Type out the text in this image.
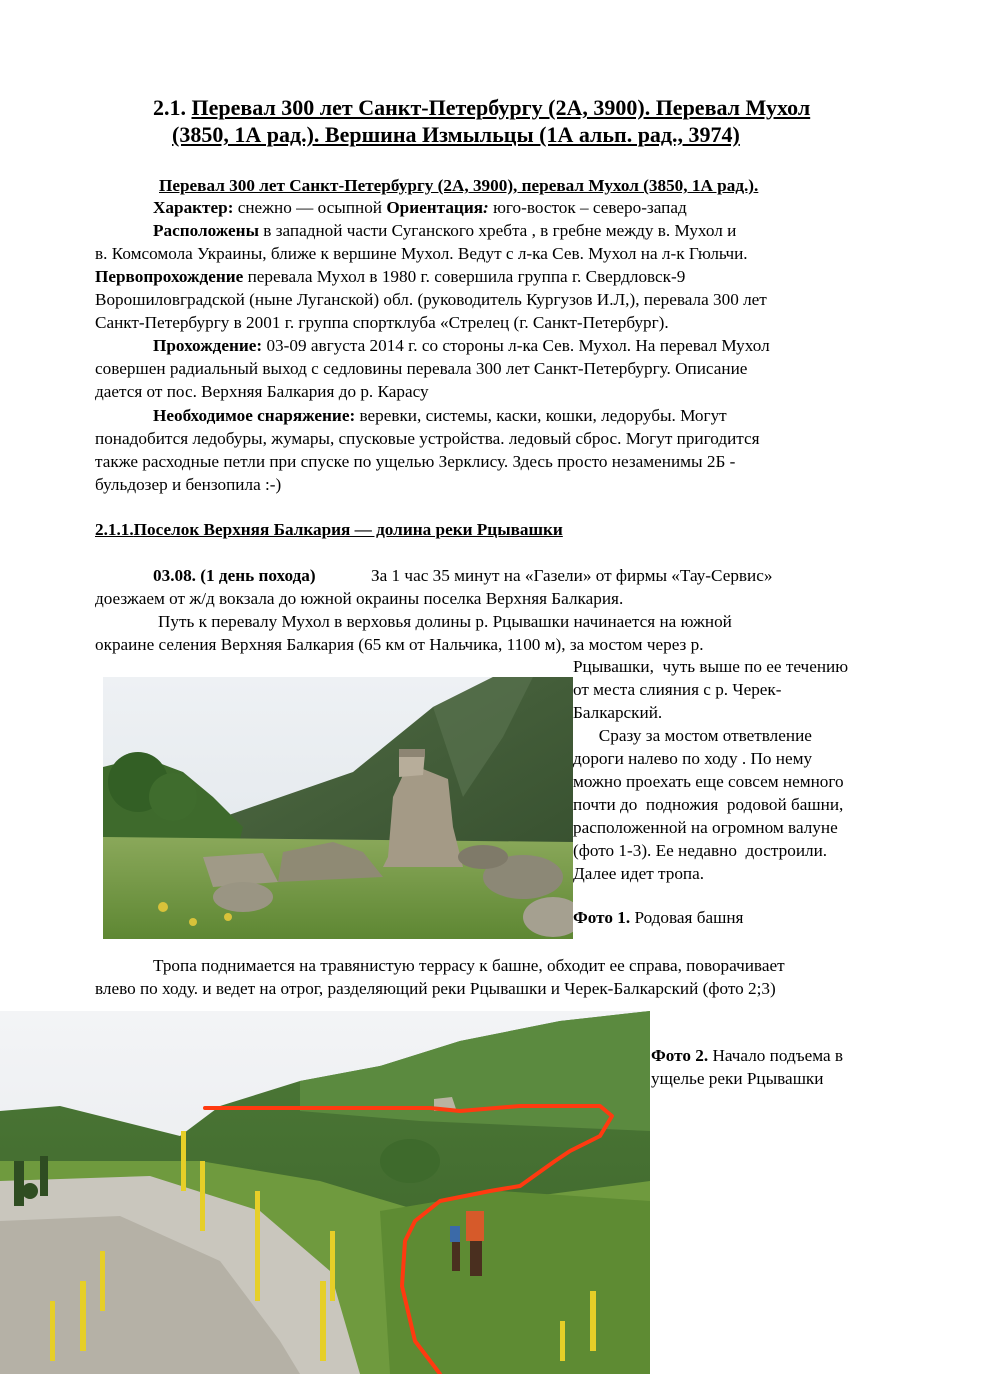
2.1. Перевал 300 лет Санкт-Петербургу (2А, 3900). Перевал Мухол
(3850, 1А рад.). Вершина Измыльцы (1А альп. рад., 3974)
Перевал 300 лет Санкт-Петербургу (2А, 3900), перевал Мухол (3850, 1А рад.).
Характер: снежно — осыпной Ориентация: юго-восток – северо-запад
Расположены в западной части Суганского хребта , в гребне между в. Мухол и
в. Комсомола Украины, ближе к вершине Мухол. Ведут с л-ка Сев. Мухол на л-к Гюльчи.
Первопрохождение перевала Мухол в 1980 г. совершила группа г. Свердловск-9
Ворошиловградской (ныне Луганской) обл. (руководитель Кургузов И.Л,), перевала 300 лет
Санкт-Петербургу в 2001 г. группа спортклуба «Стрелец (г. Санкт-Петербург).
Прохождение: 03-09 августа 2014 г. со стороны л-ка Сев. Мухол. На перевал Мухол
совершен радиальный выход с седловины перевала 300 лет Санкт-Петербургу. Описание
дается от пос. Верхняя Балкария до р. Карасу
Необходимое снаряжение: веревки, системы, каски, кошки, ледорубы. Могут
понадобится ледобуры, жумары, спусковые устройства. ледовый сброс. Могут пригодится
также расходные петли при спуске по ущелью Зерклису. Здесь просто незаменимы 2Б -
бульдозер и бензопила :-)
2.1.1.Поселок Верхняя Балкария — долина реки Рцывашки
03.08. (1 день похода)	За 1 час 35 минут на «Газели» от фирмы «Тау-Сервис»
доезжаем от ж/д вокзала до южной окраины поселка Верхняя Балкария.
Путь к перевалу Мухол в верховья долины р. Рцывашки начинается на южной
окраине селения Верхняя Балкария (65 км от Нальчика, 1100 м), за мостом через р.
Рцывашки,  чуть выше по ее течению
от места слияния с р. Черек-
Балкарский.
Сразу за мостом ответвление
дороги налево по ходу . По нему
можно проехать еще совсем немного
почти до  подножия  родовой башни,
расположенной на огромном валуне
(фото 1-3). Ее недавно  достроили.
Далее идет тропа.
Фото 1. Родовая башня
Тропа поднимается на травянистую террасу к башне, обходит ее справа, поворачивает
влево по ходу. и ведет на отрог, разделяющий реки Рцывашки и Черек-Балкарский (фото 2;3)
Фото 2. Начало подъема в
ущелье реки Рцывашки
